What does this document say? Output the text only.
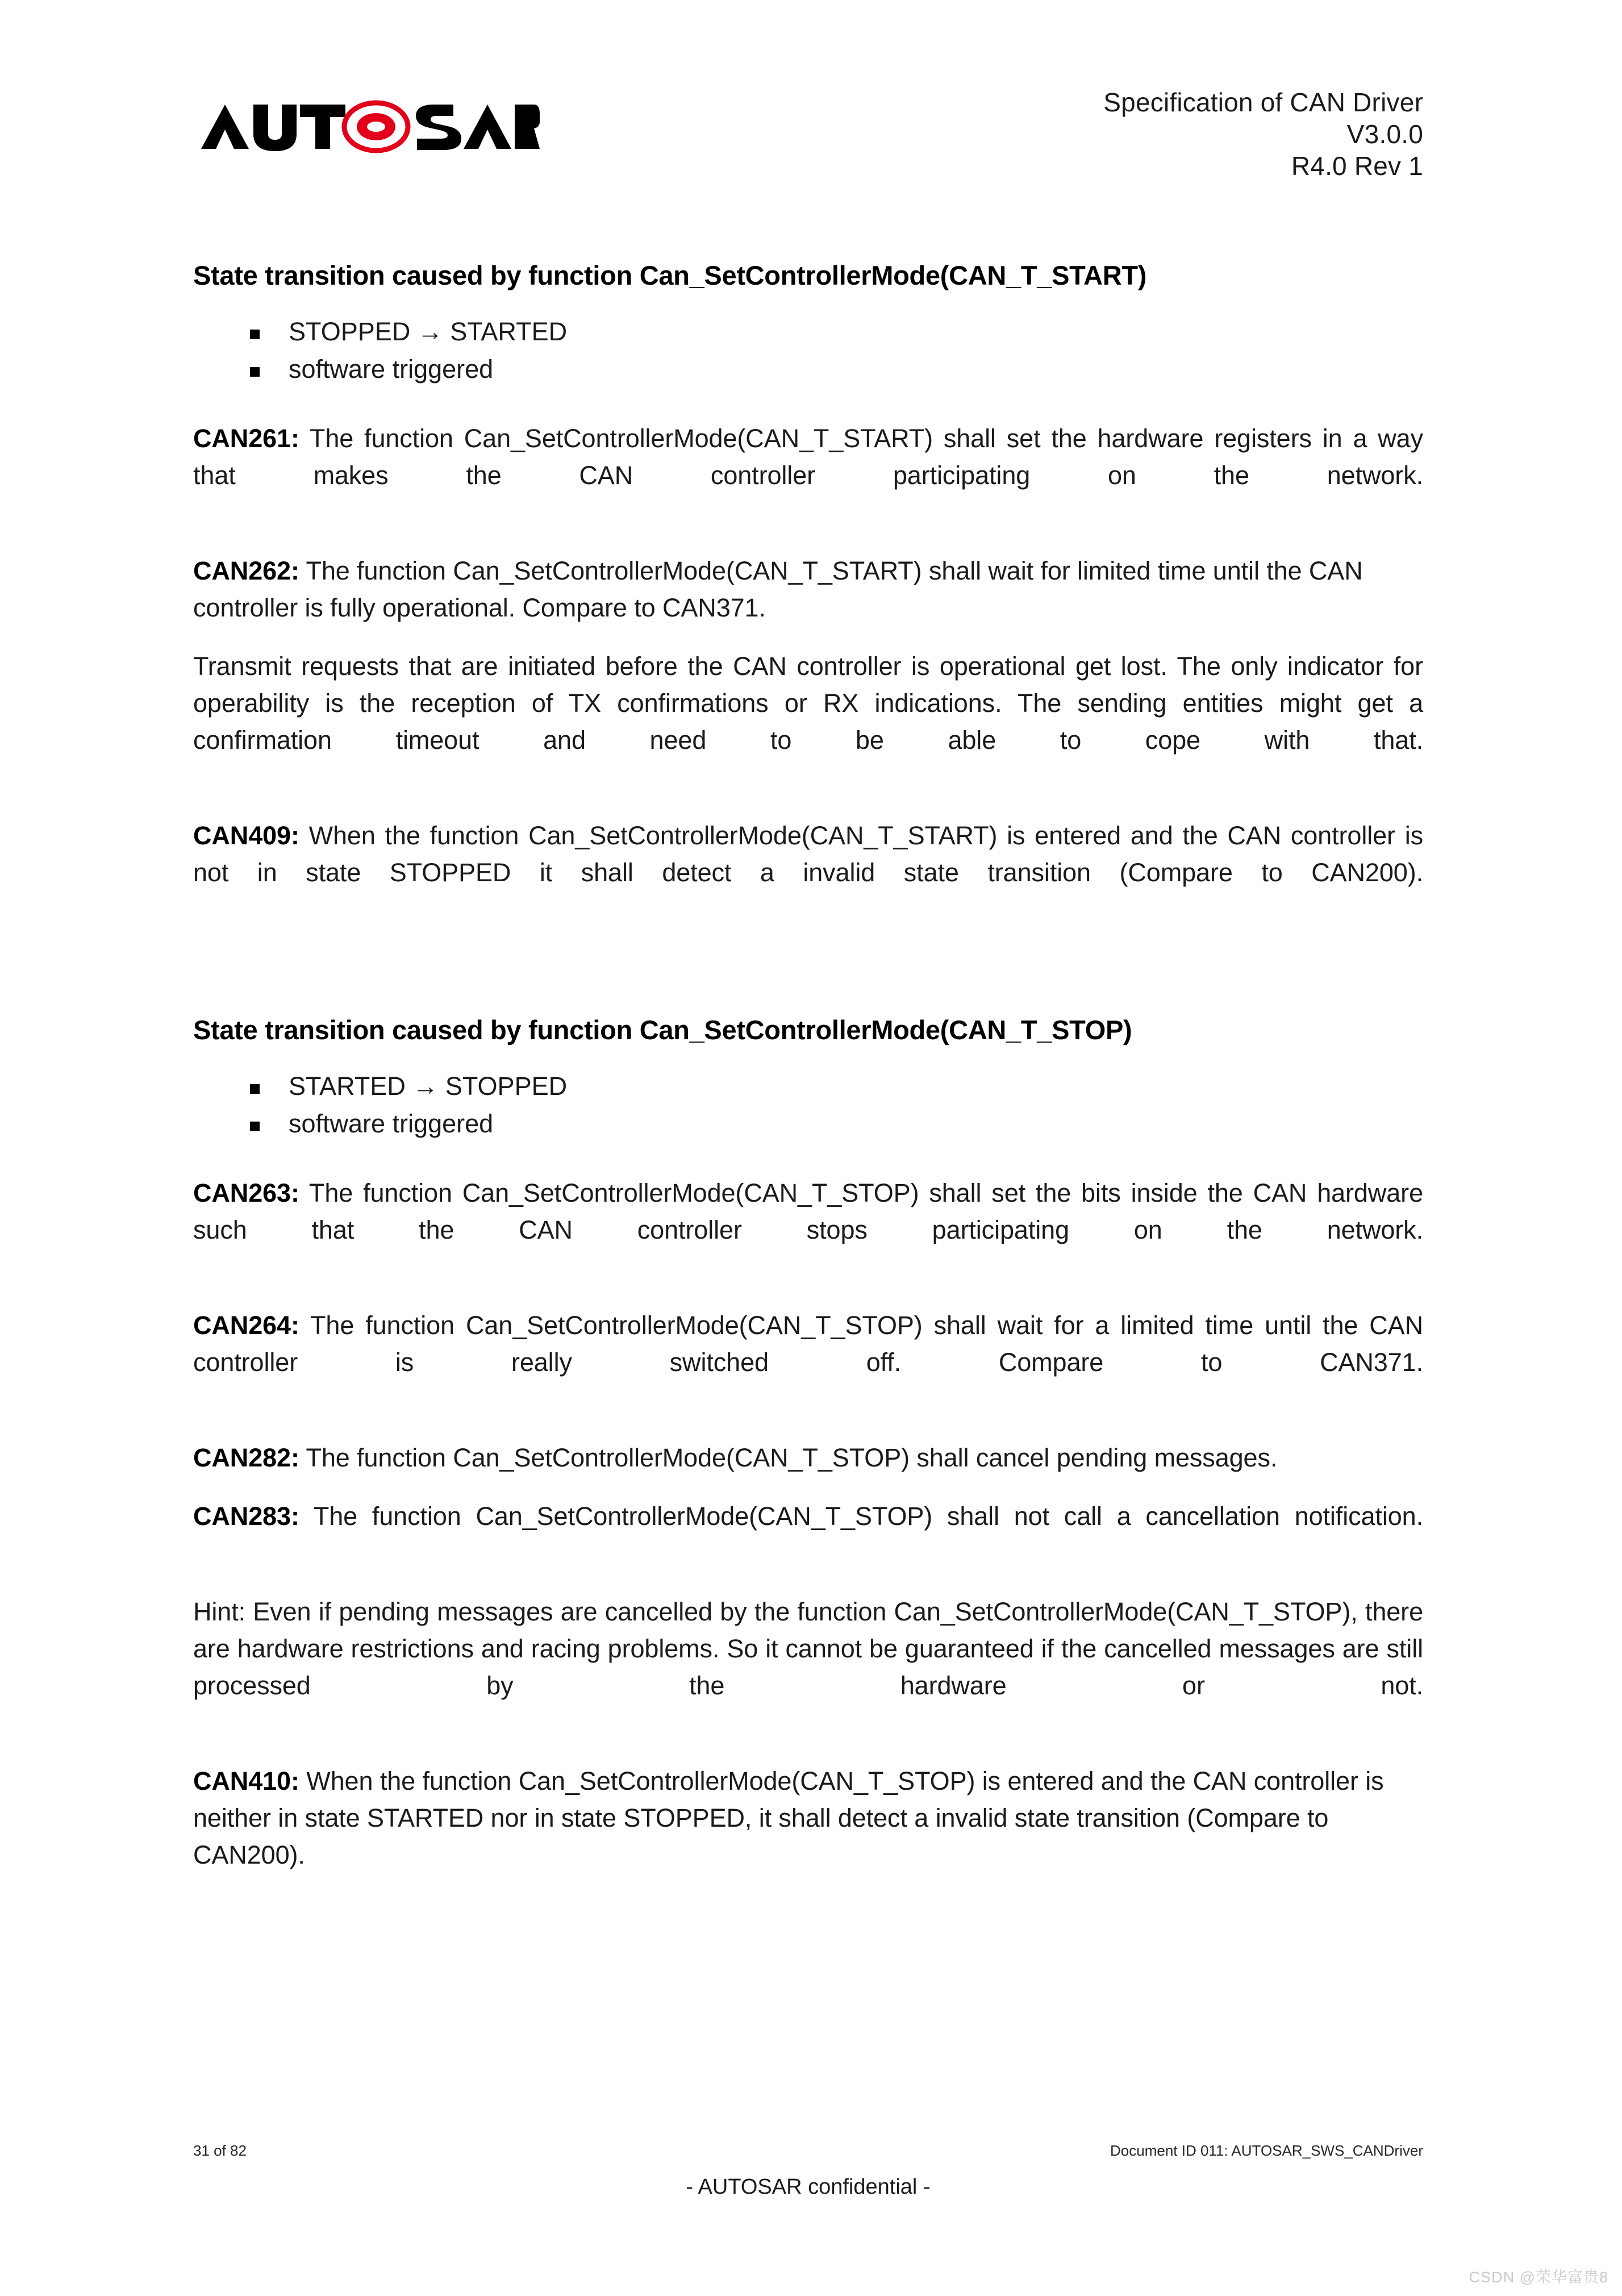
Specification of CAN Driver
V3.0.0
R4.0 Rev 1
State transition caused by function Can_SetControllerMode(CAN_T_START)
STOPPED → STARTED
software triggered

CAN261: The function Can_SetControllerMode(CAN_T_START) shall set the hardware registers in a way that makes the CAN controller participating on the network.

CAN262: The function Can_SetControllerMode(CAN_T_START) shall wait for limited time until the CAN controller is fully operational. Compare to CAN371.

Transmit requests that are initiated before the CAN controller is operational get lost. The only indicator for operability is the reception of TX confirmations or RX indications. The sending entities might get a confirmation timeout and need to be able to cope with that.

CAN409: When the function Can_SetControllerMode(CAN_T_START) is entered and the CAN controller is not in state STOPPED it shall detect a invalid state transition (Compare to CAN200).

State transition caused by function Can_SetControllerMode(CAN_T_STOP)
STARTED → STOPPED
software triggered

CAN263: The function Can_SetControllerMode(CAN_T_STOP) shall set the bits inside the CAN hardware such that the CAN controller stops participating on the network.

CAN264: The function Can_SetControllerMode(CAN_T_STOP) shall wait for a limited time until the CAN controller is really switched off. Compare to CAN371.

CAN282: The function Can_SetControllerMode(CAN_T_STOP) shall cancel pending messages.

CAN283: The function Can_SetControllerMode(CAN_T_STOP) shall not call a cancellation notification.

Hint: Even if pending messages are cancelled by the function Can_SetControllerMode(CAN_T_STOP), there are hardware restrictions and racing problems. So it cannot be guaranteed if the cancelled messages are still processed by the hardware or not.

CAN410: When the function Can_SetControllerMode(CAN_T_STOP) is entered and the CAN controller is neither in state STARTED nor in state STOPPED, it shall detect a invalid state transition (Compare to CAN200).

31 of 82	Document ID 011: AUTOSAR_SWS_CANDriver
- AUTOSAR confidential -
CSDN @荣华富贵8
